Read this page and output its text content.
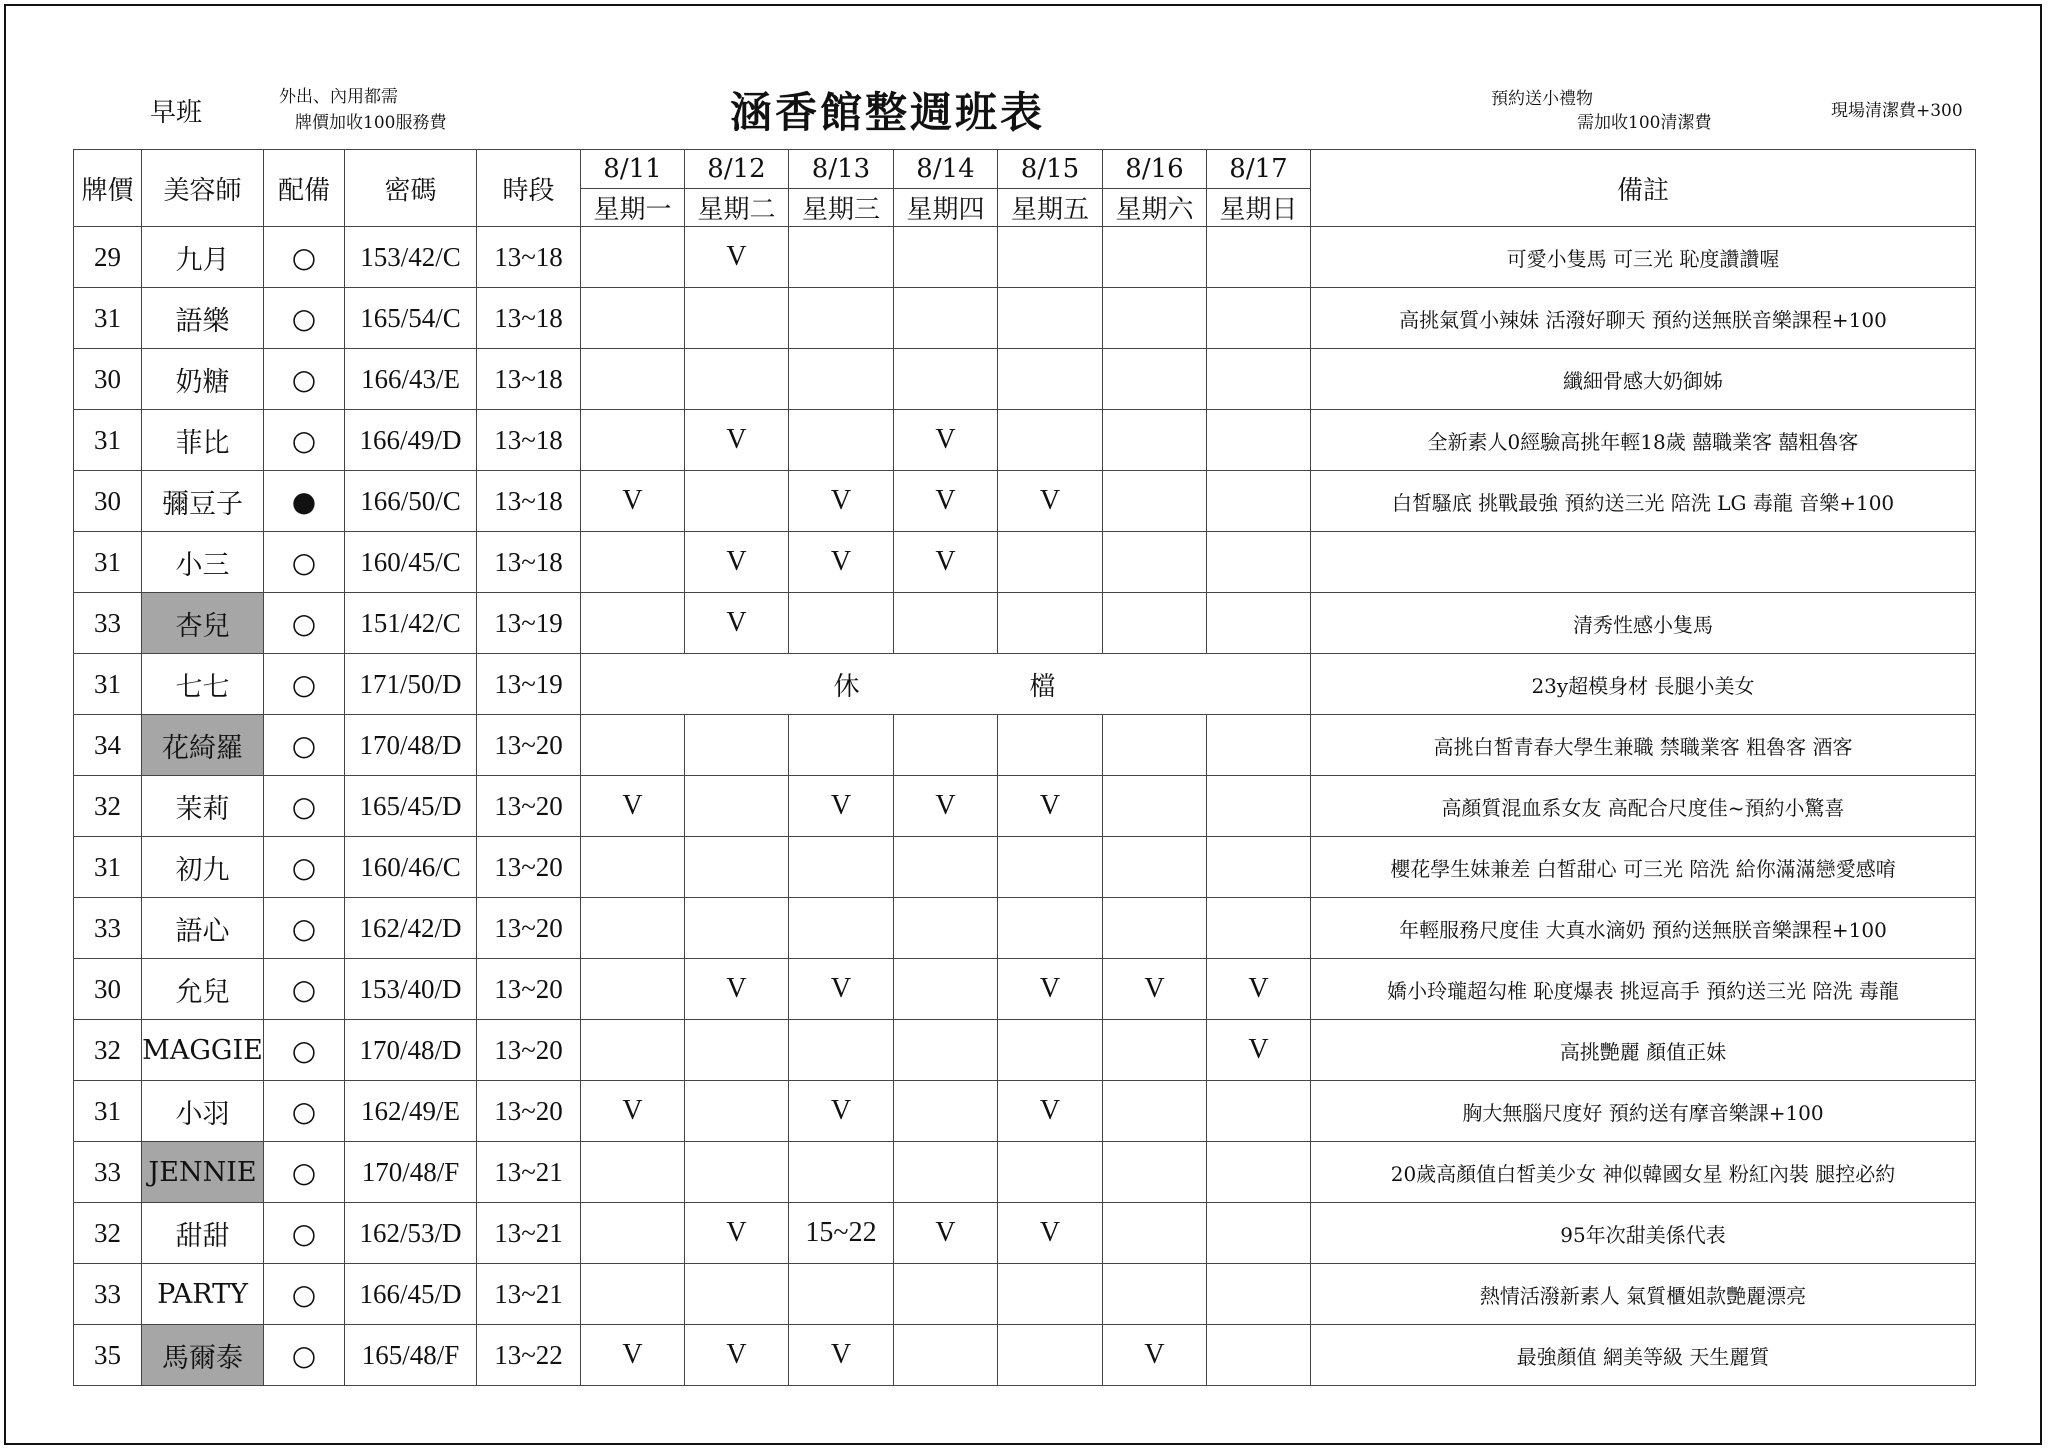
早班
外出、內用都需
牌價加收100服務費	涵香館整週班表	預約送小禮物
需加收100清潔費
現場清潔費+300
牌價	美容師	配備	密碼	時段	8/11	8/12	8/13	8/14	8/15	8/16	8/17	備註
					星期一	星期二	星期三	星期四	星期五	星期六	星期日	
29	九月	○	153/42/C	13~18		V						可愛小隻馬 可三光 恥度讚讚喔
31	語樂	○	165/54/C	13~18								高挑氣質小辣妹 活潑好聊天 預約送無朕音樂課程+100
30	奶糖	○	166/43/E	13~18								纖細骨感大奶御姊
31	菲比	○	166/49/D	13~18		V		V				全新素人0經驗高挑年輕18歲 囍職業客 囍粗魯客
30	彌豆子	●	166/50/C	13~18	V		V	V	V			白皙騷底 挑戰最強 預約送三光 陪洗 LG 毒龍 音樂+100
31	小三	○	160/45/C	13~18		V	V	V				
33	杏兒	○	151/42/C	13~19		V						清秀性感小隻馬
31	七七	○	171/50/D	13~19	休　　　　　　檔							23y超模身材 長腿小美女
34	花綺羅	○	170/48/D	13~20								高挑白皙青春大學生兼職 禁職業客 粗魯客 酒客
32	茉莉	○	165/45/D	13~20	V		V	V	V			高顏質混血系女友 高配合尺度佳~預約小驚喜
31	初九	○	160/46/C	13~20								櫻花學生妹兼差 白皙甜心 可三光 陪洗 給你滿滿戀愛感唷
33	語心	○	162/42/D	13~20								年輕服務尺度佳 大真水滴奶 預約送無朕音樂課程+100
30	允兒	○	153/40/D	13~20		V	V		V	V	V	嬌小玲瓏超勾椎 恥度爆表 挑逗高手 預約送三光 陪洗 毒龍
32	MAGGIE	○	170/48/D	13~20							V	高挑艷麗 顏值正妹
31	小羽	○	162/49/E	13~20	V		V		V			胸大無腦尺度好 預約送有摩音樂課+100
33	JENNIE	○	170/48/F	13~21								20歲高顏值白皙美少女 神似韓國女星 粉紅內裝 腿控必約
32	甜甜	○	162/53/D	13~21		V	15~22	V	V			95年次甜美係代表
33	PARTY	○	166/45/D	13~21								熱情活潑新素人 氣質櫃姐款艷麗漂亮
35	馬爾泰	○	165/48/F	13~22	V	V	V			V		最強顏值 網美等級 天生麗質
